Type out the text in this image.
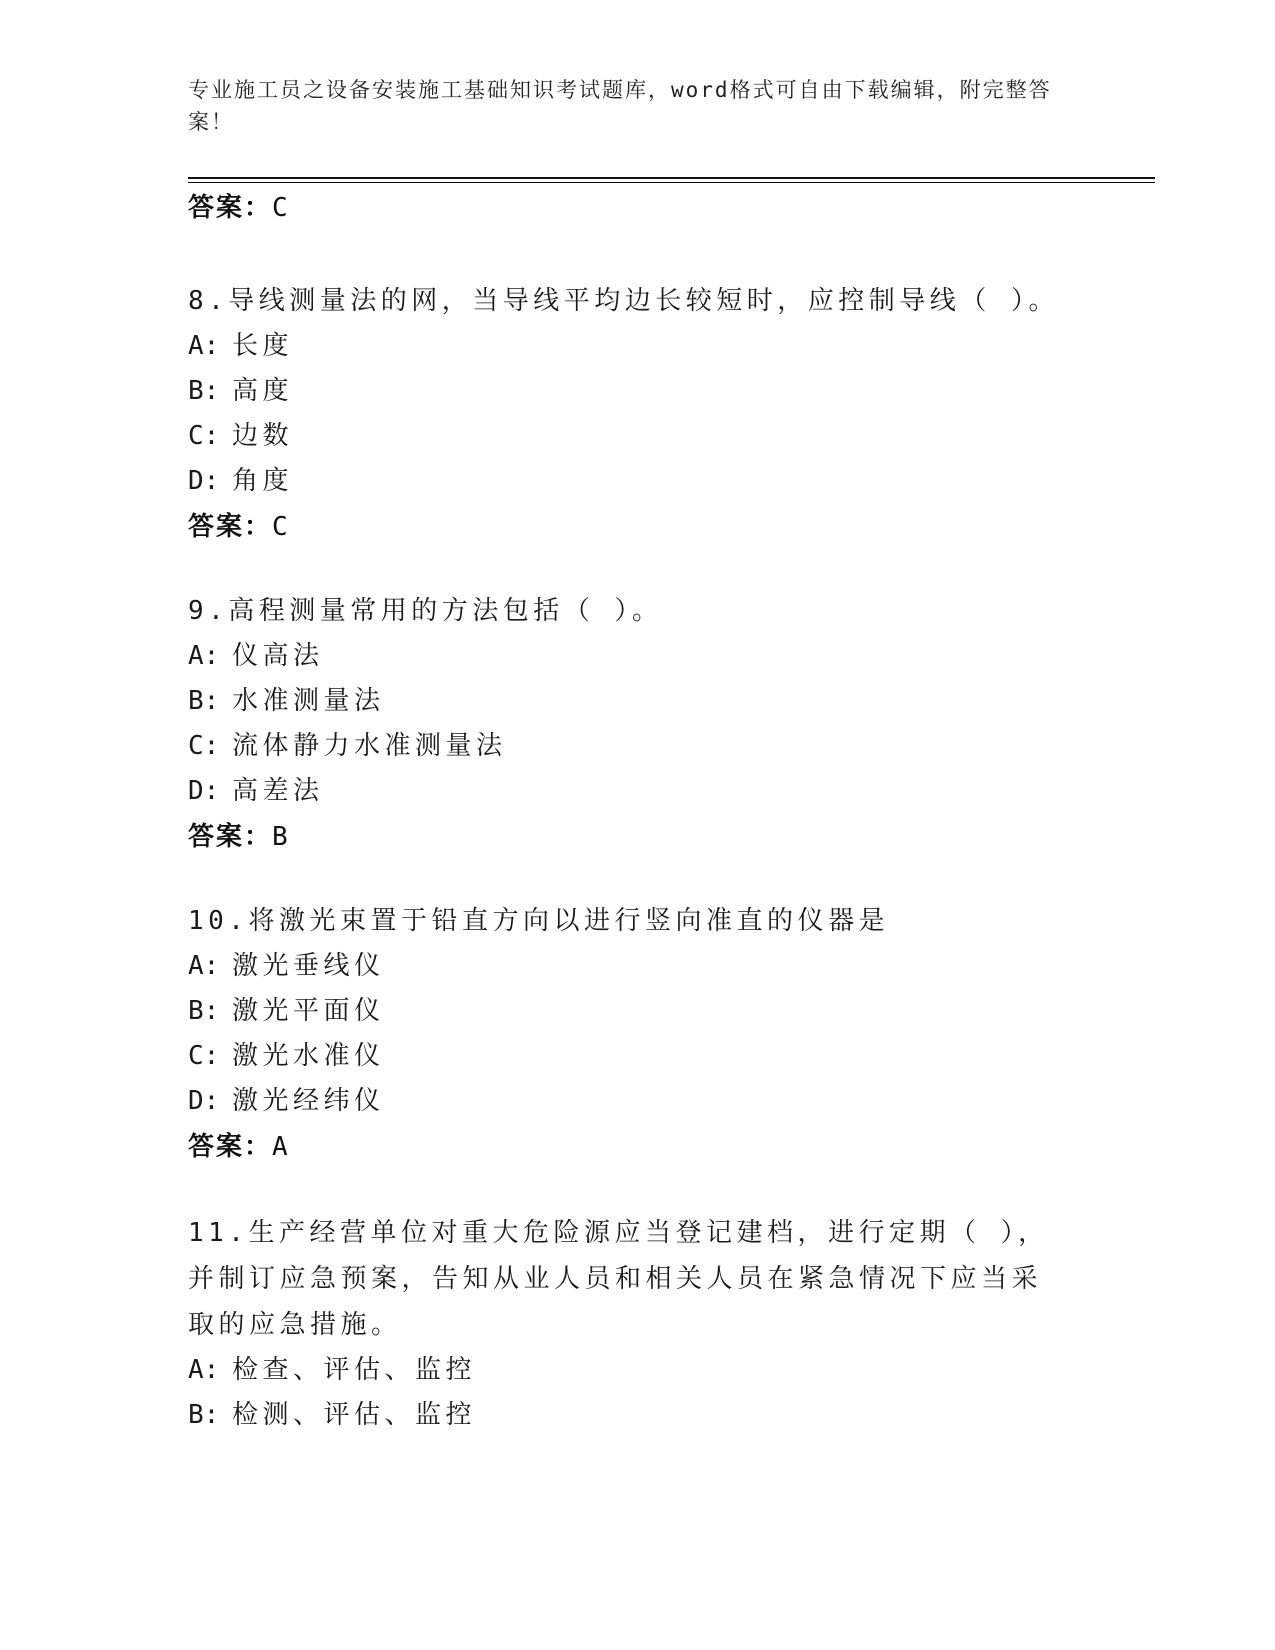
专业施工员之设备安装施工基础知识考试题库，word格式可自由下载编辑，附完整答案！
答案：C

8.导线测量法的网，当导线平均边长较短时，应控制导线（ ）。

A: 长度
B: 高度
C: 边数
D: 角度
答案：C

9.高程测量常用的方法包括（ ）。

A: 仪高法
B: 水准测量法
C: 流体静力水准测量法
D: 高差法
答案：B

10.将激光束置于铅直方向以进行竖向准直的仪器是

A: 激光垂线仪
B: 激光平面仪
C: 激光水准仪
D: 激光经纬仪
答案：A

11.生产经营单位对重大危险源应当登记建档，进行定期（ ），并制订应急预案，告知从业人员和相关人员在紧急情况下应当采取的应急措施。

A: 检查、评估、监控
B: 检测、评估、监控
